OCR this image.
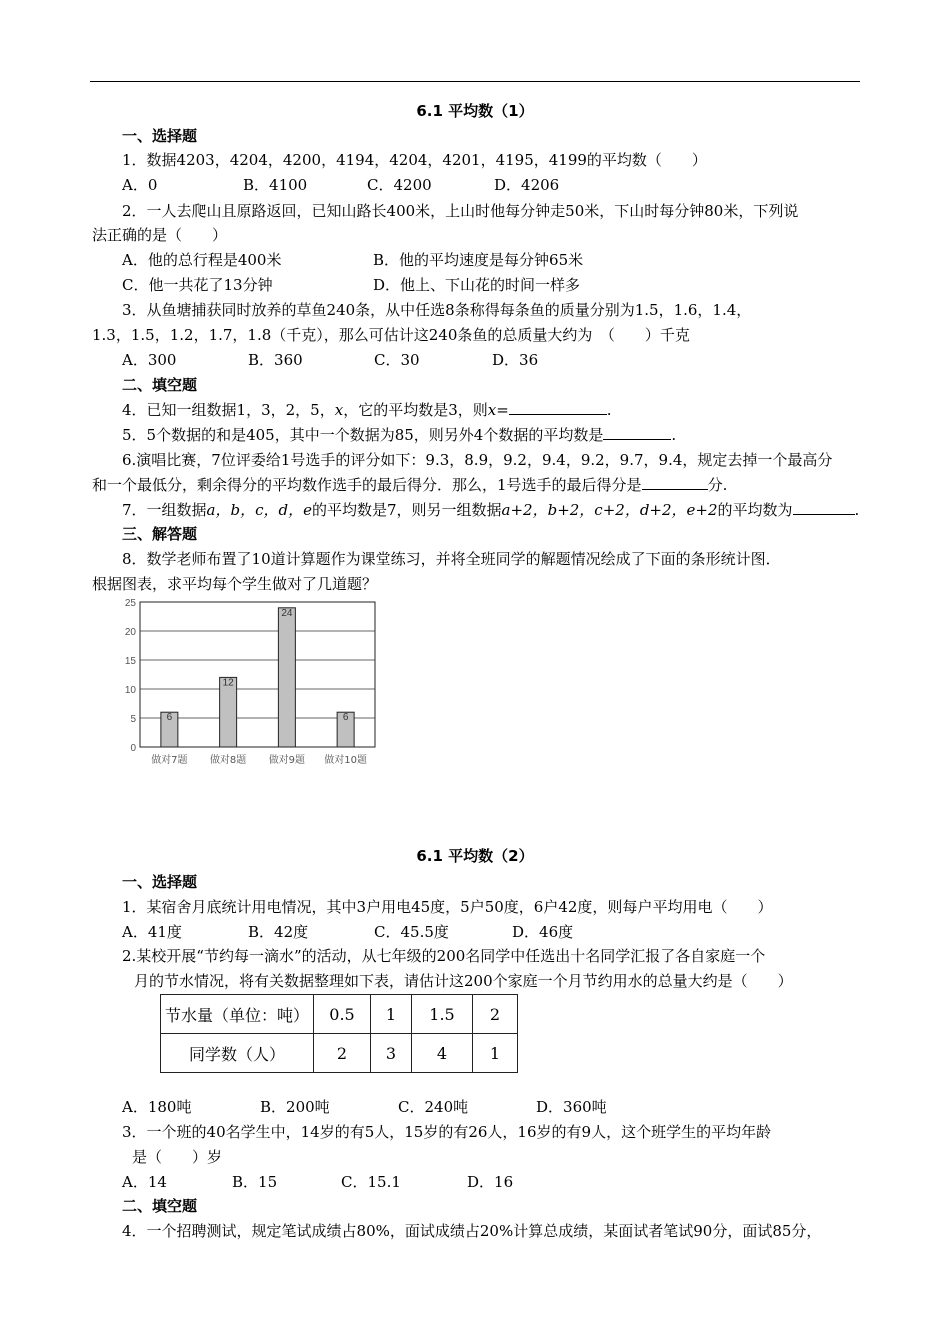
6.1 平均数（1）
一、选择题
1．数据4203，4204，4200，4194，4204，4201，4195，4199的平均数（　　）
A．0	B．4100	C．4200	D．4206
2．一人去爬山且原路返回，已知山路长400米，上山时他每分钟走50米，下山时每分钟80米，下列说
法正确的是（　　）
A．他的总行程是400米	B．他的平均速度是每分钟65米
C．他一共花了13分钟	D．他上、下山花的时间一样多
3．从鱼塘捕获同时放养的草鱼240条，从中任选8条称得每条鱼的质量分别为1.5，1.6，1.4，
1.3，1.5，1.2，1.7，1.8（千克），那么可估计这240条鱼的总质量大约为　（　　）千克
A．300	B．360	C．30	D．36
二、填空题
4．已知一组数据1，3，2，5，x，它的平均数是3，则x=	.
5．5个数据的和是405，其中一个数据为85，则另外4个数据的平均数是	.
6.演唱比赛，7位评委给1号选手的评分如下：9.3，8.9，9.2，9.4，9.2，9.7，9.4，规定去掉一个最高分
和一个最低分，剩余得分的平均数作选手的最后得分．那么，1号选手的最后得分是	分.
7．一组数据a，b，c，d，e的平均数是7，则另一组数据a+2，b+2，c+2，d+2，e+2的平均数为	.
三、解答题
8．数学老师布置了10道计算题作为课堂练习，并将全班同学的解题情况绘成了下面的条形统计图．
根据图表，求平均每个学生做对了几道题？
0
5
10
15
20
25
6
做对7题
12
做对8题
24
做对9题
6
做对10题
6.1 平均数（2）
一、选择题
1．某宿舍月底统计用电情况，其中3户用电45度，5户50度，6户42度，则每户平均用电（　　）
A．41度	B．42度	C．45.5度	D．46度
2.某校开展“节约每一滴水”的活动，从七年级的200名同学中任选出十名同学汇报了各自家庭一个
月的节水情况，将有关数据整理如下表，请估计这200个家庭一个月节约用水的总量大约是（　　）
节水量（单位：吨）	0.5	1	1.5	2
同学数（人）	2	3	4	1
A．180吨	B．200吨	C．240吨	D．360吨
3．一个班的40名学生中，14岁的有5人，15岁的有26人，16岁的有9人，这个班学生的平均年龄
是（　　）岁
A．14	B．15	C．15.1	D．16
二、填空题
4．一个招聘测试，规定笔试成绩占80%，面试成绩占20%计算总成绩，某面试者笔试90分，面试85分，
